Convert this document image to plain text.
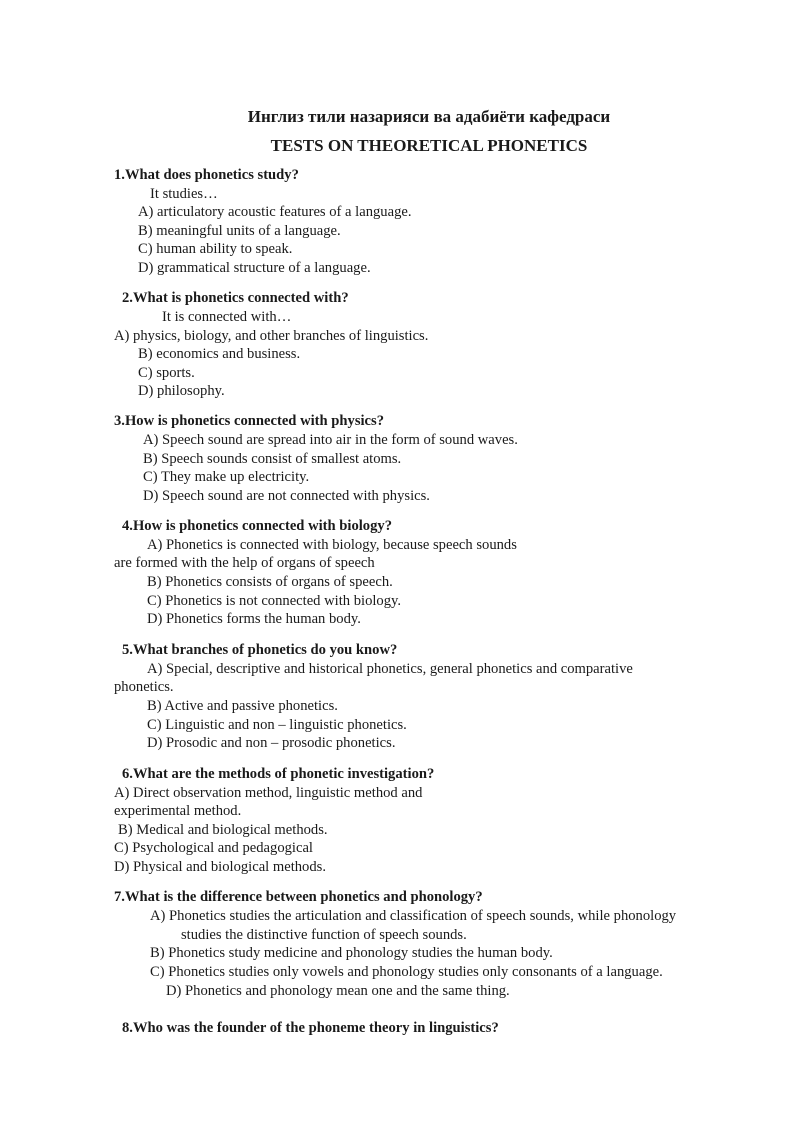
Инглиз тили назарияси ва адабиёти кафедраси
TESTS ON THEORETICAL PHONETICS
1.What does phonetics study?
It studies…
A) articulatory acoustic features of a language.
B) meaningful units of a language.
C) human ability to speak.
D) grammatical structure of a language.
2.What is phonetics connected with?
It is connected with…
A) physics, biology, and other branches of linguistics.
B) economics and business.
C) sports.
D) philosophy.
3.How is phonetics connected with physics?
A) Speech sound are spread into air in the form of sound waves.
B) Speech sounds consist of smallest atoms.
C) They make up electricity.
D) Speech sound are not connected with physics.
4.How is phonetics connected with biology?
A) Phonetics is connected with biology, because speech sounds
are formed with the help of organs of speech
B) Phonetics consists of organs of speech.
C) Phonetics is not connected with biology.
D) Phonetics forms the human body.
5.What branches of phonetics do you know?
A) Special, descriptive and historical phonetics, general phonetics and comparative
phonetics.
B) Active and passive phonetics.
C) Linguistic and non – linguistic phonetics.
D) Prosodic and non – prosodic phonetics.
6.What are the methods of phonetic investigation?
A) Direct observation method, linguistic method and
experimental method.
B) Medical and biological methods.
C) Psychological and pedagogical
D) Physical and biological methods.
7.What is the difference between phonetics and phonology?
A) Phonetics studies the articulation and classification of speech sounds, while phonology
studies the distinctive function of speech sounds.
B) Phonetics study medicine and phonology studies the human body.
C) Phonetics studies only vowels and phonology studies only consonants of a language.
D) Phonetics and phonology mean one and the same thing.
8.Who was the founder of the phoneme theory in linguistics?
